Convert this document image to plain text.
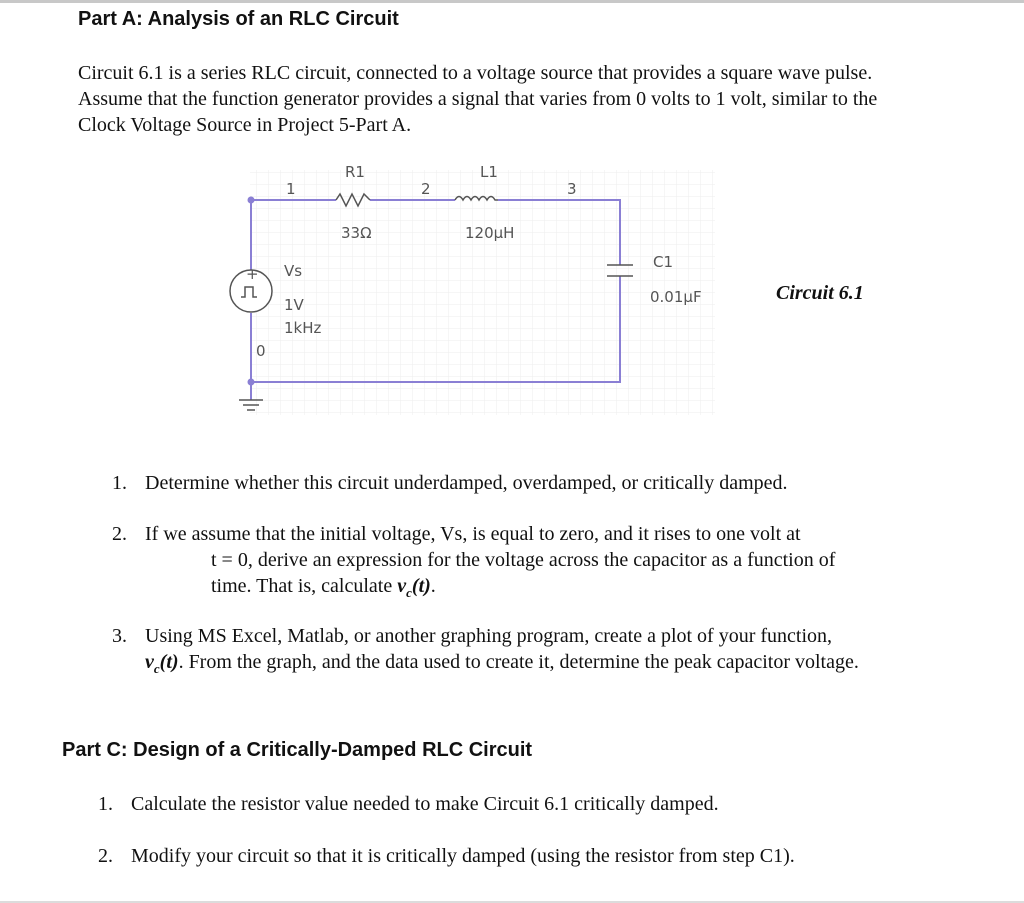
Part A: Analysis of an RLC Circuit

Circuit 6.1 is a series RLC circuit, connected to a voltage source that provides a square wave pulse. Assume that the function generator provides a signal that varies from 0 volts to 1 volt, similar to the Clock Voltage Source in Project 5-Part A.

+
1	2	3
0
R1
33Ω
L1
120μH
C1
0.01μF
Vs
1V
1kHz
Circuit 6.1
1. Determine whether this circuit underdamped, overdamped, or critically damped.
2. If we assume that the initial voltage, Vs, is equal to zero, and it rises to one volt at
t = 0, derive an expression for the voltage across the capacitor as a function of
time. That is, calculate $v_c(t)$.
3. Using MS Excel, Matlab, or another graphing program, create a plot of your function,
$v_c(t)$. From the graph, and the data used to create it, determine the peak capacitor voltage.
Part C: Design of a Critically-Damped RLC Circuit
1. Calculate the resistor value needed to make Circuit 6.1 critically damped.
2. Modify your circuit so that it is critically damped (using the resistor from step C1).
